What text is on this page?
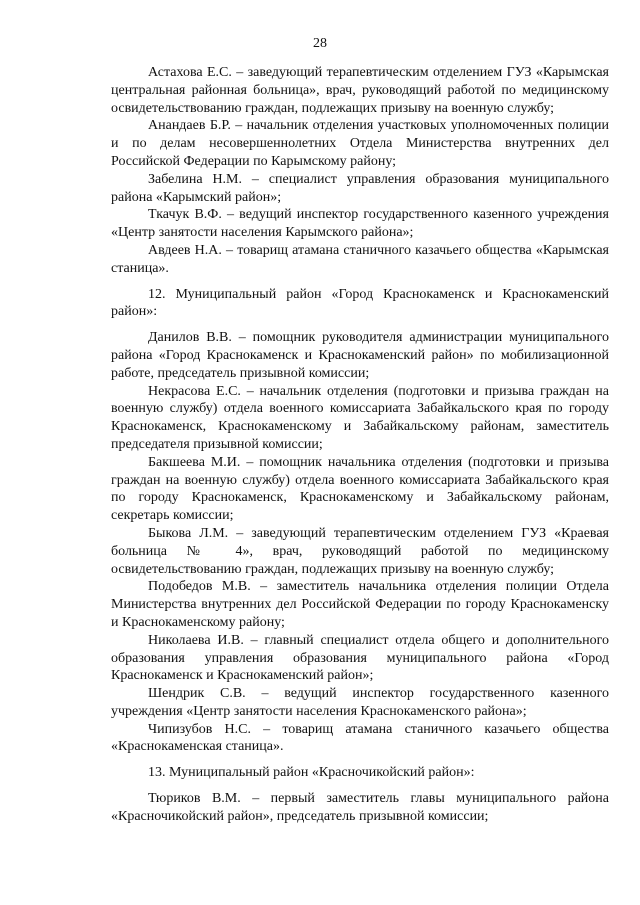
28

Астахова Е.С. – заведующий терапевтическим отделением ГУЗ «Карымская центральная районная больница», врач, руководящий работой по медицинскому освидетельствованию граждан, подлежащих призыву на военную службу;

Анандаев Б.Р. – начальник отделения участковых уполномоченных полиции и по делам несовершеннолетних Отдела Министерства внутренних дел Российской Федерации по Карымскому району;

Забелина Н.М. – специалист управления образования муниципального района «Карымский район»;

Ткачук В.Ф. – ведущий инспектор государственного казенного учреждения «Центр занятости населения Карымского района»;

Авдеев Н.А. – товарищ атамана станичного казачьего общества «Карымская станица».

12. Муниципальный район «Город Краснокаменск и Краснокаменский район»:

Данилов В.В. – помощник руководителя администрации муниципального района «Город Краснокаменск и Краснокаменский район» по мобилизационной работе, председатель призывной комиссии;

Некрасова Е.С. – начальник отделения (подготовки и призыва граждан на военную службу) отдела военного комиссариата Забайкальского края по городу Краснокаменск, Краснокаменскому и Забайкальскому районам, заместитель председателя призывной комиссии;

Бакшеева М.И. – помощник начальника отделения (подготовки и призыва граждан на военную службу) отдела военного комиссариата Забайкальского края по городу Краснокаменск, Краснокаменскому и Забайкальскому районам, секретарь комиссии;

Быкова Л.М. – заведующий терапевтическим отделением ГУЗ «Краевая больница № 4», врач, руководящий работой по медицинскому освидетельствованию граждан, подлежащих призыву на военную службу;

Подобедов М.В. – заместитель начальника отделения полиции Отдела Министерства внутренних дел Российской Федерации по городу Краснокаменску и Краснокаменскому району;

Николаева И.В. – главный специалист отдела общего и дополнительного образования управления образования муниципального района «Город Краснокаменск и Краснокаменский район»;

Шендрик С.В. – ведущий инспектор государственного казенного учреждения «Центр занятости населения Краснокаменского района»;

Чипизубов Н.С. – товарищ атамана станичного казачьего общества «Краснокаменская станица».

13. Муниципальный район «Красночикойский район»:

Тюриков В.М. – первый заместитель главы муниципального района «Красночикойский район», председатель призывной комиссии;
